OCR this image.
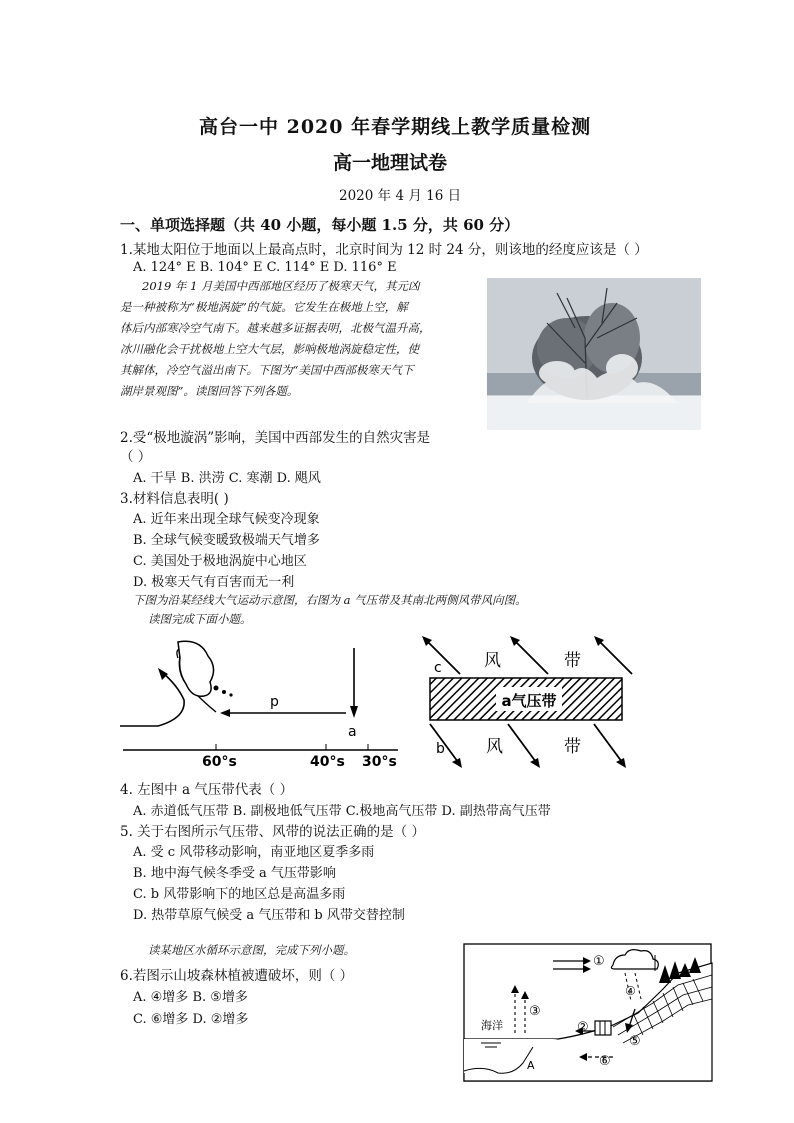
高台一中 2020 年春学期线上教学质量检测
高一地理试卷
2020 年 4 月 16 日
一、单项选择题（共 40 小题，每小题 1.5 分，共 60 分）
1.某地太阳位于地面以上最高点时，北京时间为 12 时 24 分，则该地的经度应该是（ ）
A. 124° E B. 104° E C. 114° E D. 116° E
2019 年 1 月美国中西部地区经历了极寒天气，其元凶
是一种被称为“极地涡旋”的气旋。它发生在极地上空，解
体后内部寒冷空气南下。越来越多证据表明，北极气温升高，
冰川融化会干扰极地上空大气层，影响极地涡旋稳定性，使
其解体，冷空气溢出南下。下图为“美国中西部极寒天气下
湖岸景观图”。读图回答下列各题。
2.受“极地漩涡”影响，美国中西部发生的自然灾害是
（ ）
A. 干旱 B. 洪涝 C. 寒潮 D. 飓风
3.材料信息表明( )
A. 近年来出现全球气候变冷现象
B. 全球气候变暖致极端天气增多
C. 美国处于极地涡旋中心地区
D. 极寒天气有百害而无一利
下图为沿某经线大气运动示意图，右图为 a 气压带及其南北两侧风带风向图。
读图完成下面小题。
p
a
60°s	40°s 30°s
a气压带
c
b
风	带
风	带
4. 左图中 a 气压带代表（ ）
A. 赤道低气压带 B. 副极地低气压带 C.极地高气压带 D. 副热带高气压带
5. 关于右图所示气压带、风带的说法正确的是（ ）
A. 受 c 风带移动影响，南亚地区夏季多雨
B. 地中海气候冬季受 a 气压带影响
C. b 风带影响下的地区总是高温多雨
D. 热带草原气候受 a 气压带和 b 风带交替控制
读某地区水循环示意图，完成下列小题。
6.若图示山坡森林植被遭破坏，则（ ）
A. ④增多 B. ⑤增多
C. ⑥增多 D. ②增多
①
②
③
④
⑤
⑥
海洋
A
